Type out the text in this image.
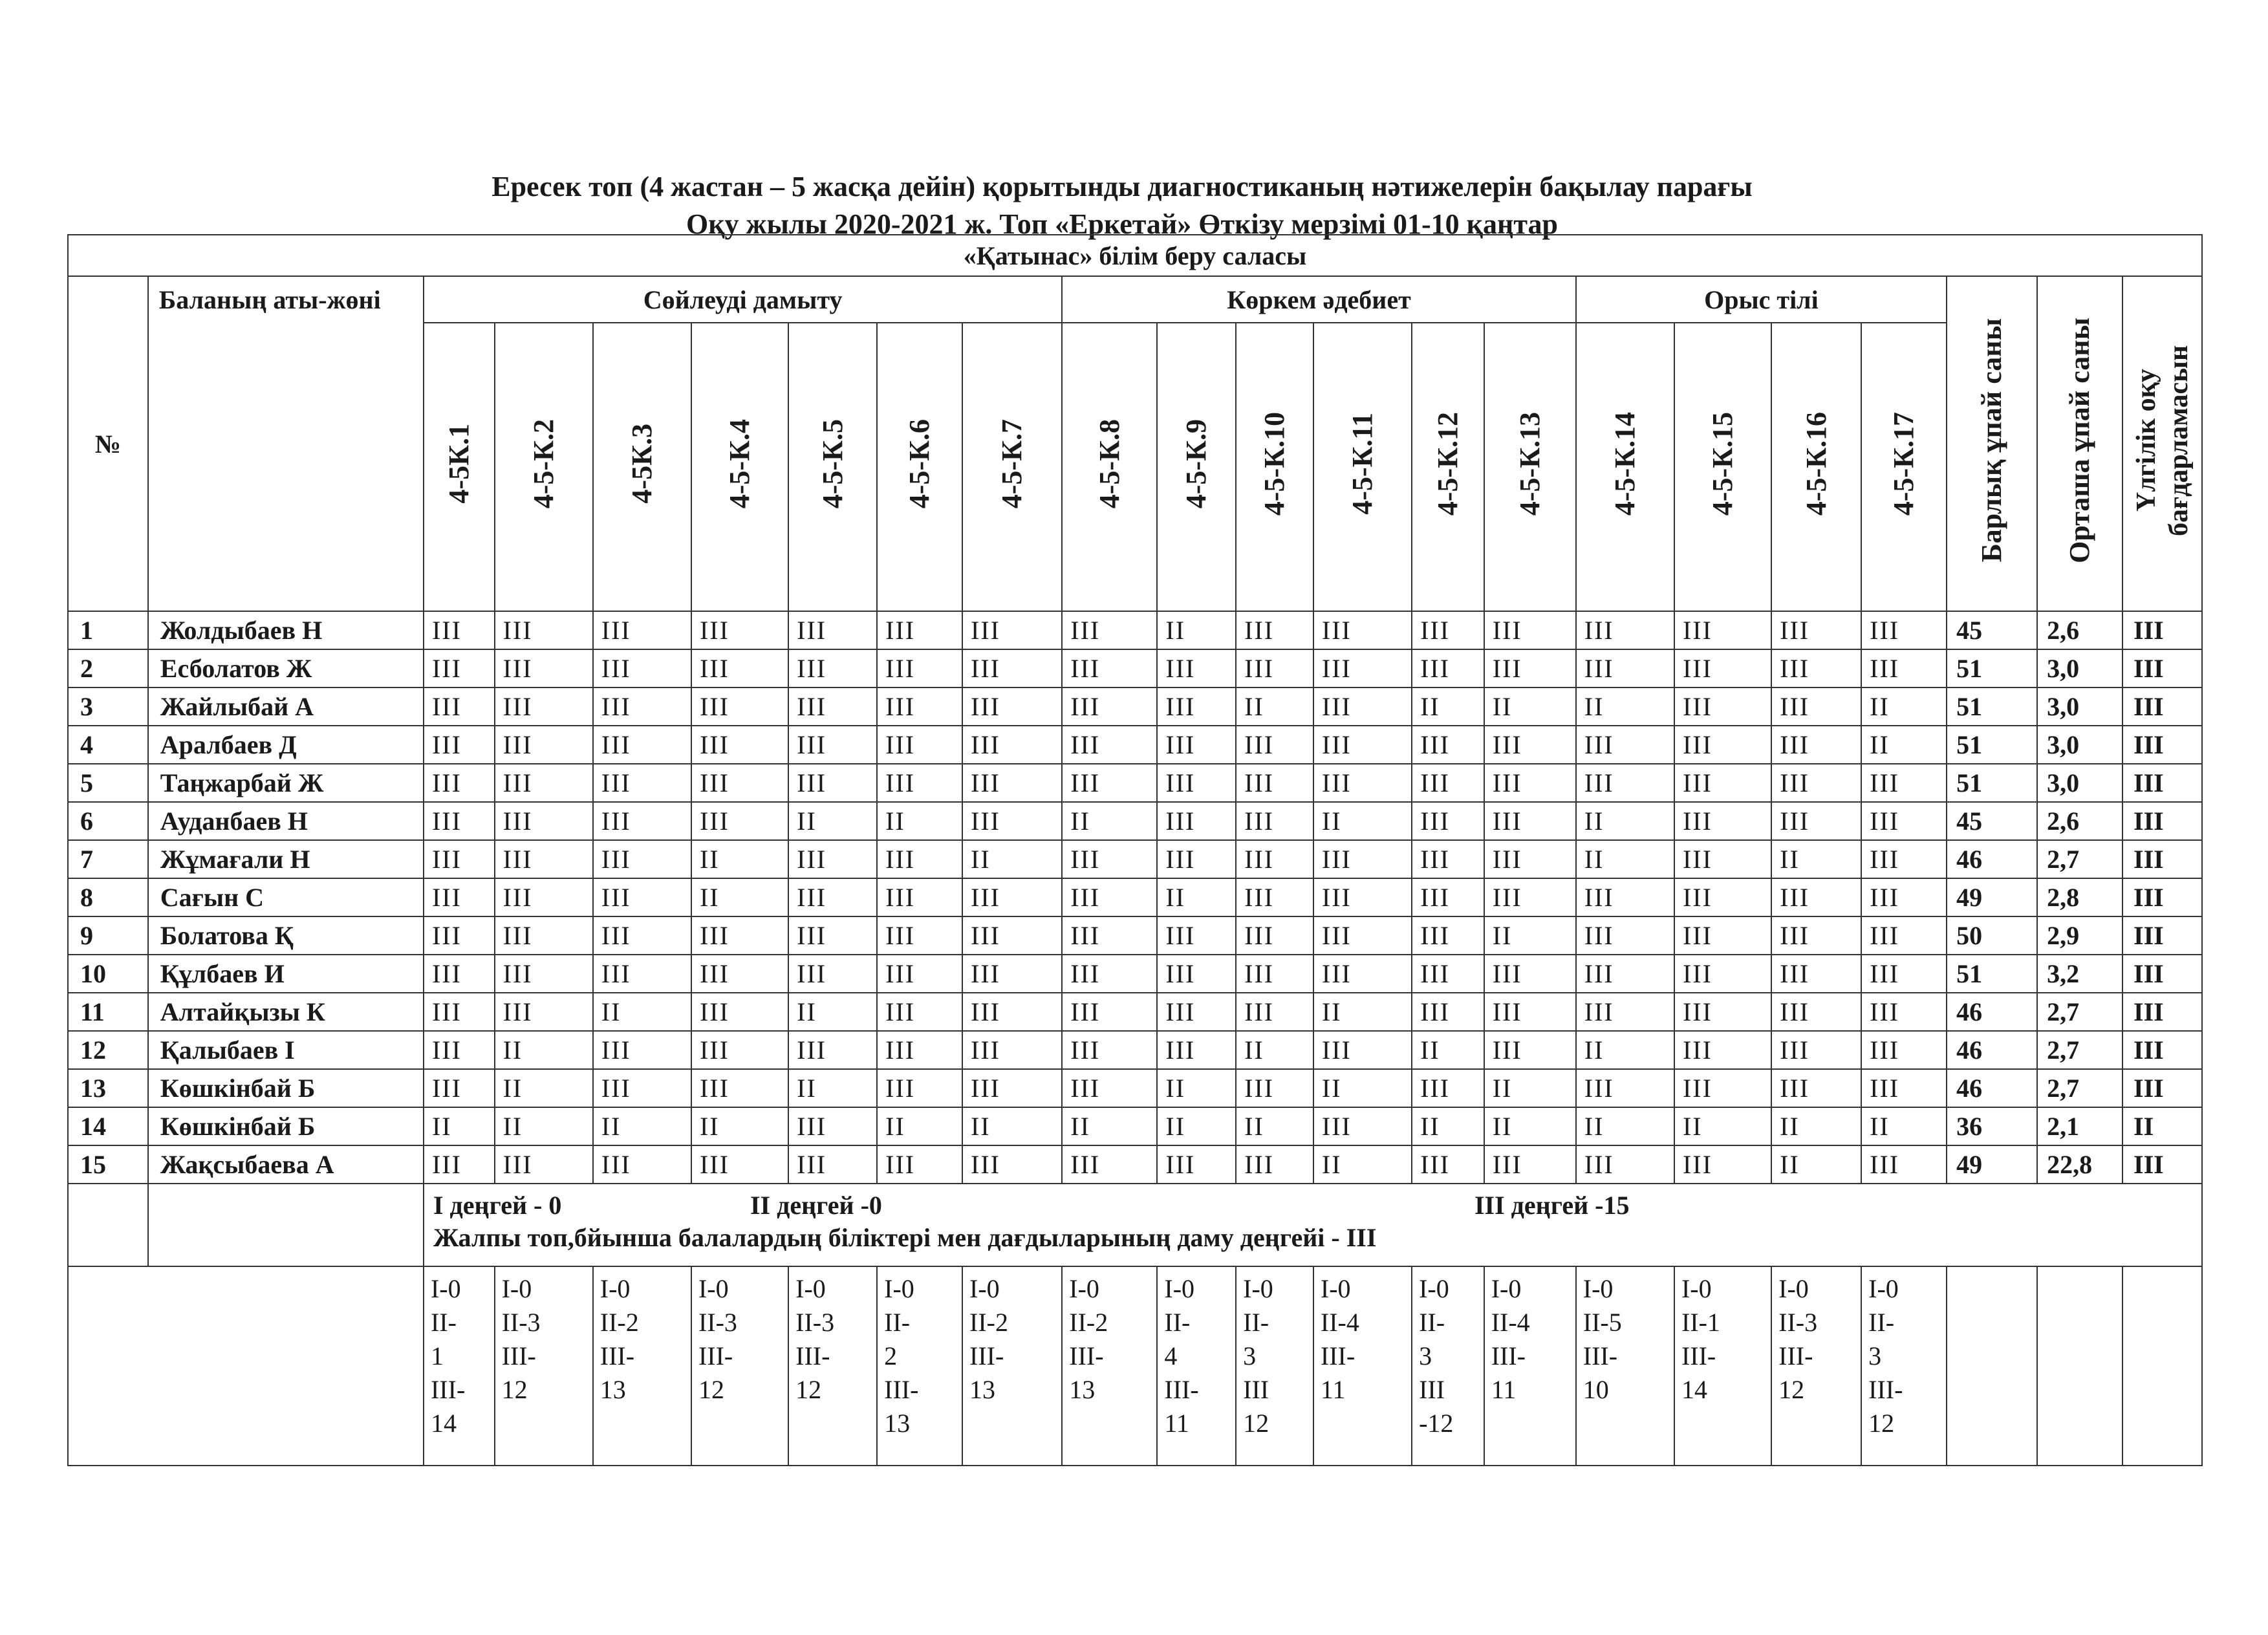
Ересек топ (4 жастан – 5 жасқа дейін) қорытынды диагностиканың нәтижелерін бақылау парағы
Оқу жылы 2020-2021 ж. Топ «Еркетай» Өткізу мерзімі 01-10 қаңтар
«Қатынас» білім беру саласы																					
№	Баланың аты-жөні	Сөйлеуді дамыту							Көркем әдебиет						Орыс тілі				Барлық ұпай саны	Орташа ұпай саны	Үлгілік оқу бағдарламасын
		4-5К.1	4-5-К.2	4-5К.3	4-5-К.4	4-5-К.5	4-5-К.6	4-5-К.7	4-5-К.8	4-5-К.9	4-5-К.10	4-5-К.11	4-5-К.12	4-5-К.13	4-5-К.14	4-5-К.15	4-5-К.16	4-5-К.17			
1	Жолдыбаев Н	III	III	III	III	III	III	III	III	II	III	III	III	III	III	III	III	III	45	2,6	III
2	Есболатов Ж	III	III	III	III	III	III	III	III	III	III	III	III	III	III	III	III	III	51	3,0	III
3	Жайлыбай А	III	III	III	III	III	III	III	III	III	II	III	II	II	II	III	III	II	51	3,0	III
4	Аралбаев Д	III	III	III	III	III	III	III	III	III	III	III	III	III	III	III	III	II	51	3,0	III
5	Таңжарбай Ж	III	III	III	III	III	III	III	III	III	III	III	III	III	III	III	III	III	51	3,0	III
6	Ауданбаев Н	III	III	III	III	II	II	III	II	III	III	II	III	III	II	III	III	III	45	2,6	III
7	Жұмағали Н	III	III	III	II	III	III	II	III	III	III	III	III	III	II	III	II	III	46	2,7	III
8	Сағын С	III	III	III	II	III	III	III	III	II	III	III	III	III	III	III	III	III	49	2,8	III
9	Болатова Қ	III	III	III	III	III	III	III	III	III	III	III	III	II	III	III	III	III	50	2,9	III
10	Құлбаев И	III	III	III	III	III	III	III	III	III	III	III	III	III	III	III	III	III	51	3,2	III
11	Алтайқызы К	III	III	II	III	II	III	III	III	III	III	II	III	III	III	III	III	III	46	2,7	III
12	Қалыбаев І	III	II	III	III	III	III	III	III	III	II	III	II	III	II	III	III	III	46	2,7	III
13	Көшкінбай Б	III	II	III	III	II	III	III	III	II	III	II	III	II	III	III	III	III	46	2,7	III
14	Көшкінбай Б	II	II	II	II	III	II	II	II	II	II	III	II	II	II	II	II	II	36	2,1	II
15	Жақсыбаева А	III	III	III	III	III	III	III	III	III	III	II	III	III	III	III	II	III	49	22,8	III

		І деңгей - 0 ІІ деңгей -0 ІІІ деңгей -15
Жалпы топ,бйынша балалардың біліктері мен дағдыларының даму деңгейі - ІІІ																			

		I-0
II-
1
III-
14	I-0
II-3
III-
12	I-0
II-2
III-
13	I-0
II-3
III-
12	I-0
II-3
III-
12	I-0
II-
2
III-
13	I-0
II-2
III-
13	I-0
II-2
III-
13	I-0
II-
4
III-
11	I-0
II-
3
III
12	I-0
II-4
III-
11	I-0
II-
3
III
-12	I-0
II-4
III-
11	I-0
II-5
III-
10	I-0
II-1
III-
14	I-0
II-3
III-
12	I-0
II-
3
III-
12			
